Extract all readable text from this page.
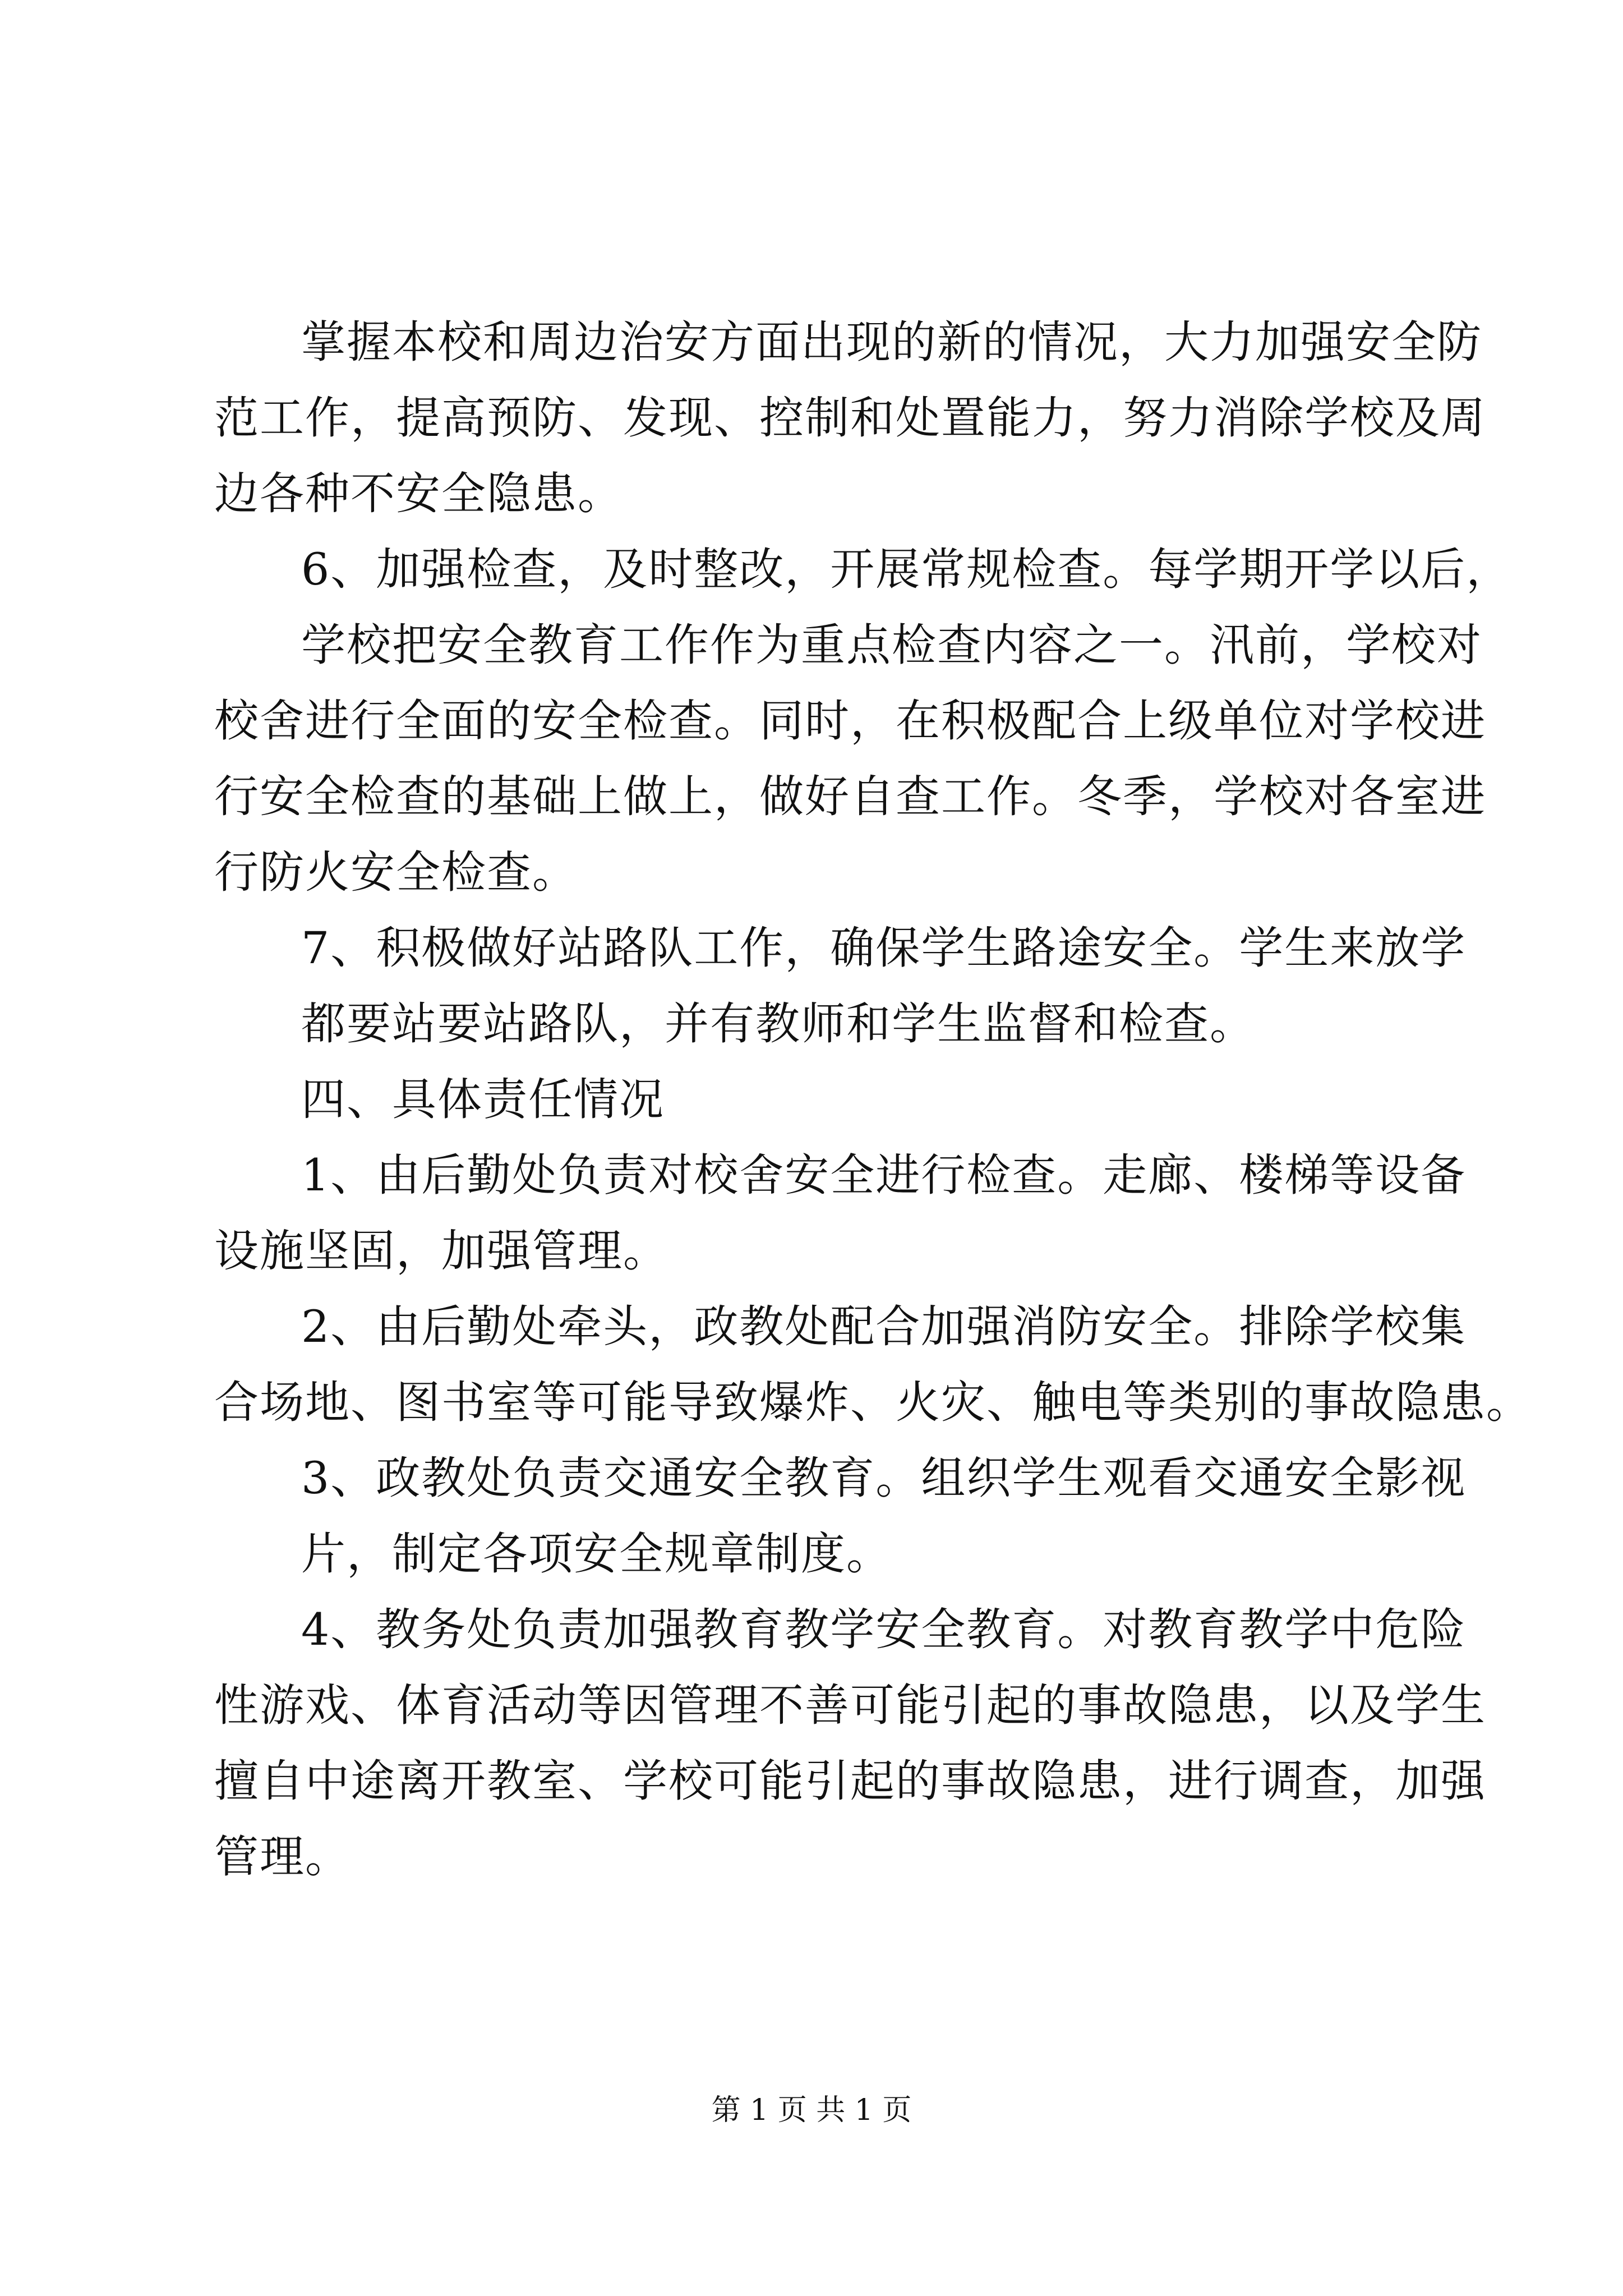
掌握本校和周边治安方面出现的新的情况，大力加强安全防
范工作，提高预防、发现、控制和处置能力，努力消除学校及周
边各种不安全隐患。
6、加强检查，及时整改，开展常规检查。每学期开学以后，
学校把安全教育工作作为重点检查内容之一。汛前，学校对
校舍进行全面的安全检查。同时，在积极配合上级单位对学校进
行安全检查的基础上做上，做好自查工作。冬季，学校对各室进
行防火安全检查。
7、积极做好站路队工作，确保学生路途安全。学生来放学
都要站要站路队，并有教师和学生监督和检查。
四、具体责任情况
1、由后勤处负责对校舍安全进行检查。走廊、楼梯等设备
设施坚固，加强管理。
2、由后勤处牵头，政教处配合加强消防安全。排除学校集
合场地、图书室等可能导致爆炸、火灾、触电等类别的事故隐患。
3、政教处负责交通安全教育。组织学生观看交通安全影视
片，制定各项安全规章制度。
4、教务处负责加强教育教学安全教育。对教育教学中危险
性游戏、体育活动等因管理不善可能引起的事故隐患，以及学生
擅自中途离开教室、学校可能引起的事故隐患，进行调查，加强
管理。
第 1 页 共 1 页
